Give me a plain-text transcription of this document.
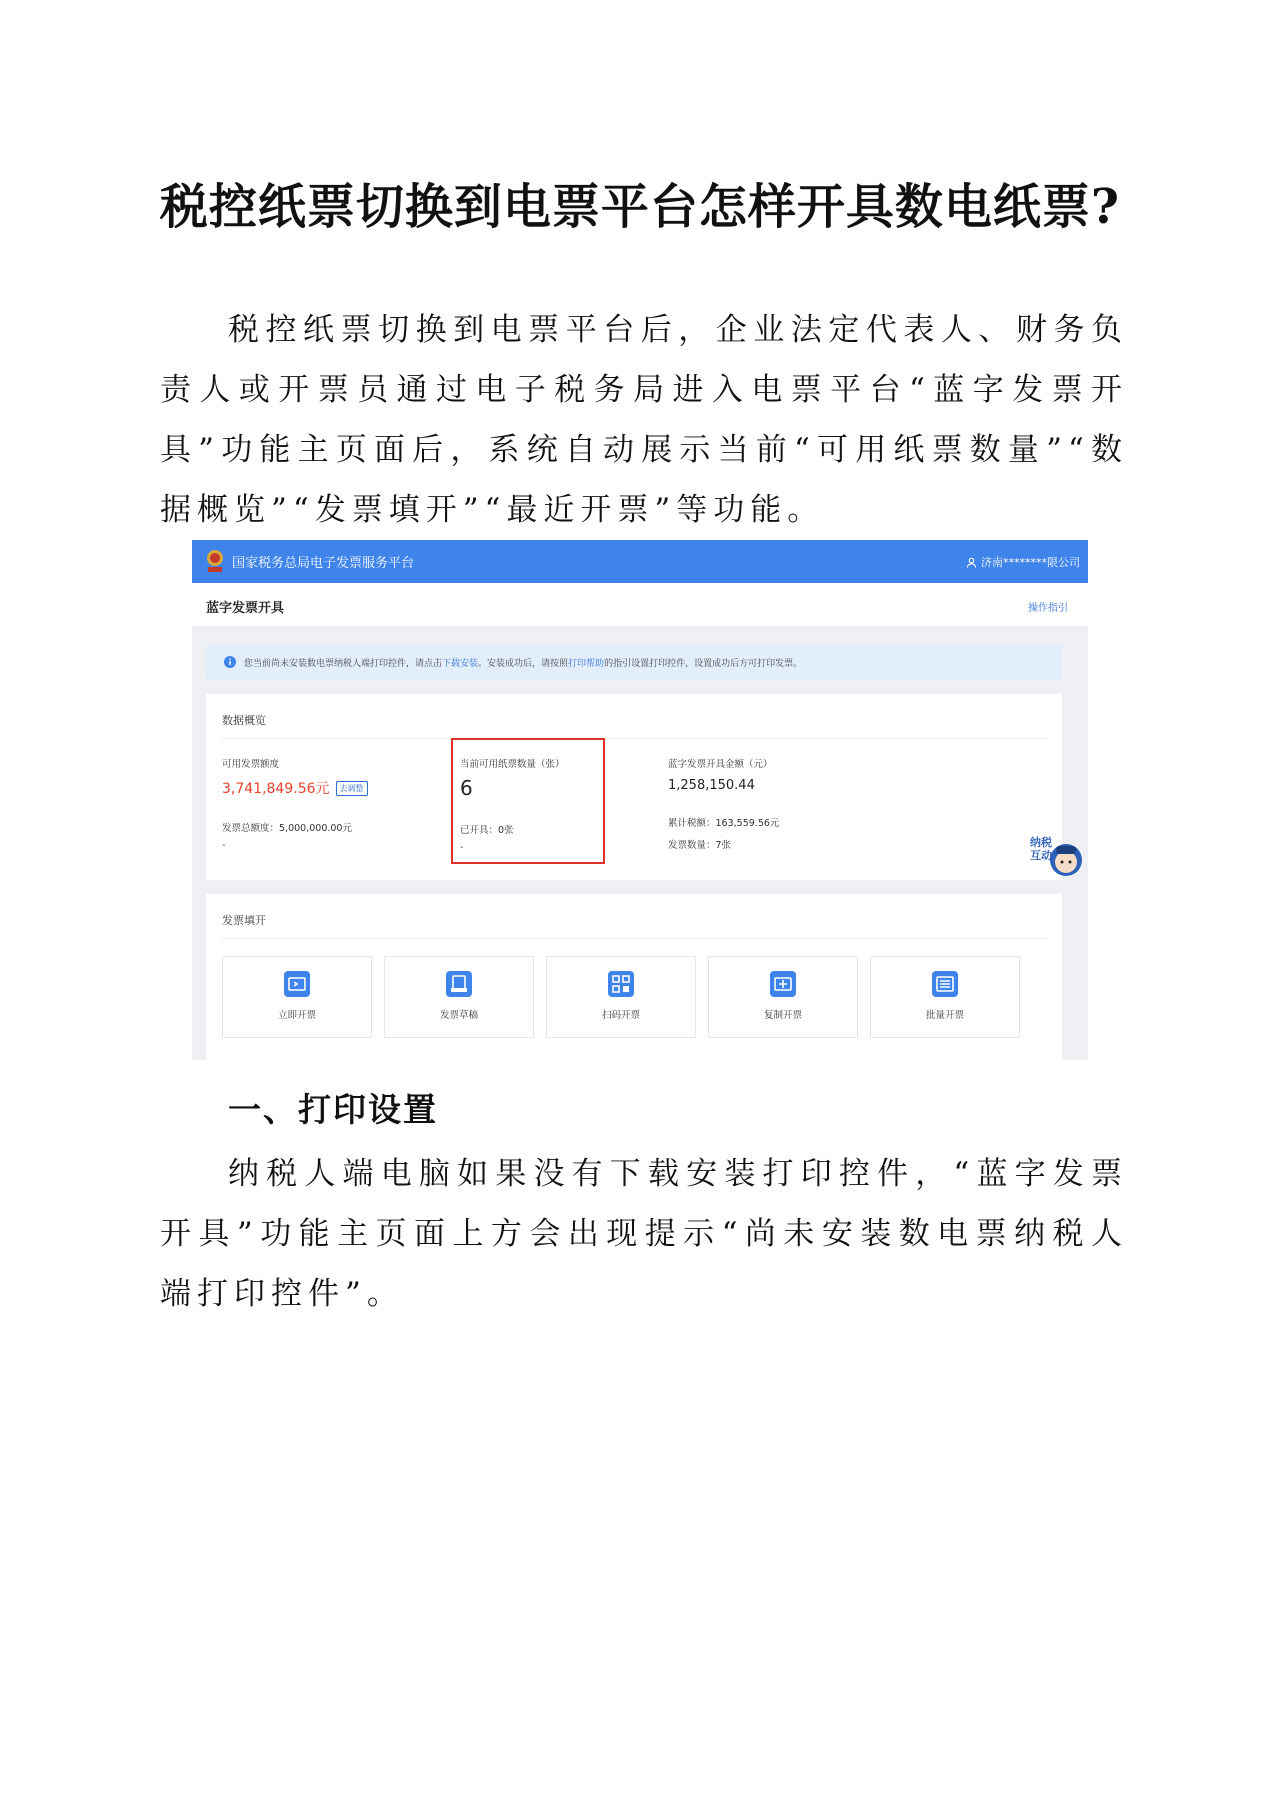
税控纸票切换到电票平台怎样开具数电纸票?

税控纸票切换到电票平台后，企业法定代表人、财务负责人或开票员通过电子税务局进入电票平台“蓝字发票开具”功能主页面后，系统自动展示当前“可用纸票数量”“数据概览”“发票填开”“最近开票”等功能。

国家税务总局电子发票服务平台	济南********限公司
蓝字发票开具	操作指引
您当前尚未安装数电票纳税人端打印控件，请点击 下载安装 。安装成功后，请按照 打印帮助 的指引设置打印控件，设置成功后方可打印发票。
数据概览
可用发票额度
3,741,849.56元	去调整
发票总额度：5,000,000.00元
-
当前可用纸票数量（张）
6
已开具：0张
-
蓝字发票开具金额（元）
1,258,150.44
累计税额：163,559.56元
发票数量：7张	纳税互动
发票填开
立即开票	发票草稿	扫码开票	复制开票	批量开票
一、打印设置

纳税人端电脑如果没有下载安装打印控件，“蓝字发票开具”功能主页面上方会出现提示“尚未安装数电票纳税人端打印控件”。
